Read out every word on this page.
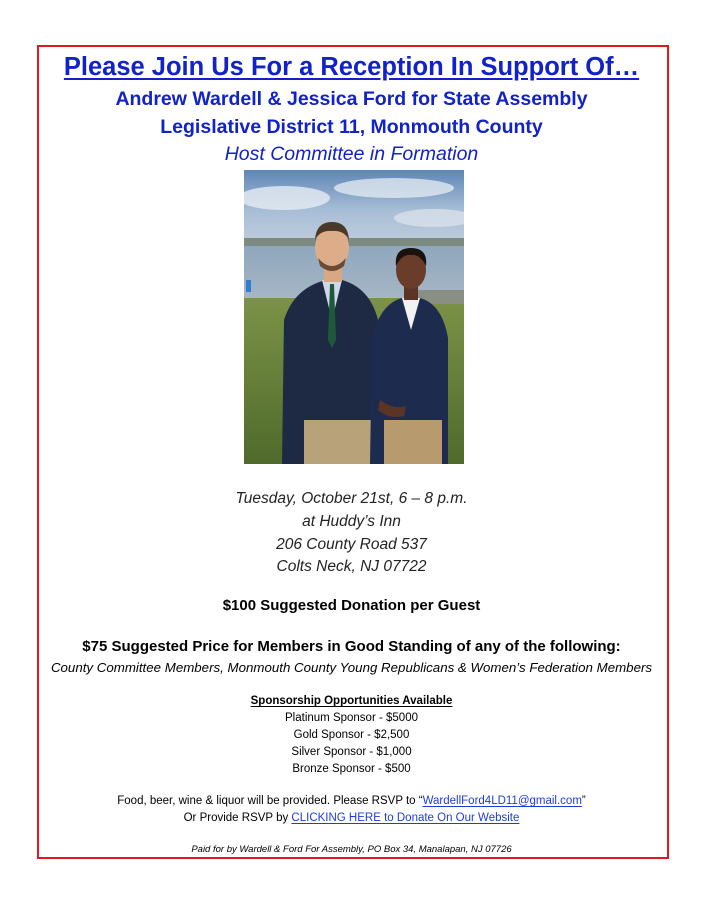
Please Join Us For a Reception In Support Of…
Andrew Wardell & Jessica Ford for State Assembly
Legislative District 11, Monmouth County
Host Committee in Formation
Tuesday, October 21st, 6 – 8 p.m.
at Huddy’s Inn
206 County Road 537
Colts Neck, NJ 07722
$100 Suggested Donation per Guest
$75 Suggested Price for Members in Good Standing of any of the following:
County Committee Members, Monmouth County Young Republicans & Women’s Federation Members
Sponsorship Opportunities Available
Platinum Sponsor - $5000
Gold Sponsor - $2,500
Silver Sponsor - $1,000
Bronze Sponsor - $500
Food, beer, wine & liquor will be provided. Please RSVP to “WardellFord4LD11@gmail.com”
Or Provide RSVP by CLICKING HERE to Donate On Our Website
Paid for by Wardell & Ford For Assembly, PO Box 34, Manalapan, NJ 07726
